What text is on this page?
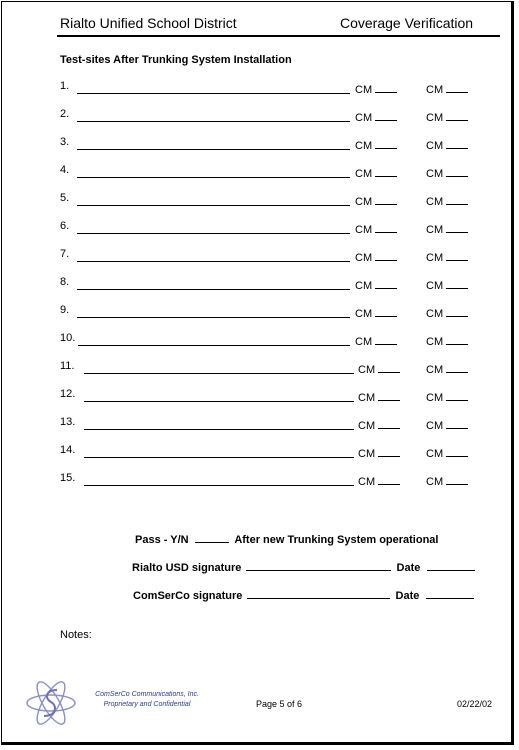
Rialto Unified School District	Coverage Verification
Test-sites After Trunking System Installation
1.	CM	CM
2.	CM	CM
3.	CM	CM
4.	CM	CM
5.	CM	CM
6.	CM	CM
7.	CM	CM
8.	CM	CM
9.	CM	CM
10.	CM	CM
11.	CM	CM
12.	CM	CM
13.	CM	CM
14.	CM	CM
15.	CM	CM
Pass - Y/N	After new Trunking System operational
Rialto USD signature	Date
ComSerCo signature	Date
Notes:
ComSerCo Communications, Inc.
Proprietary and Confidential	Page 5 of 6	02/22/02
